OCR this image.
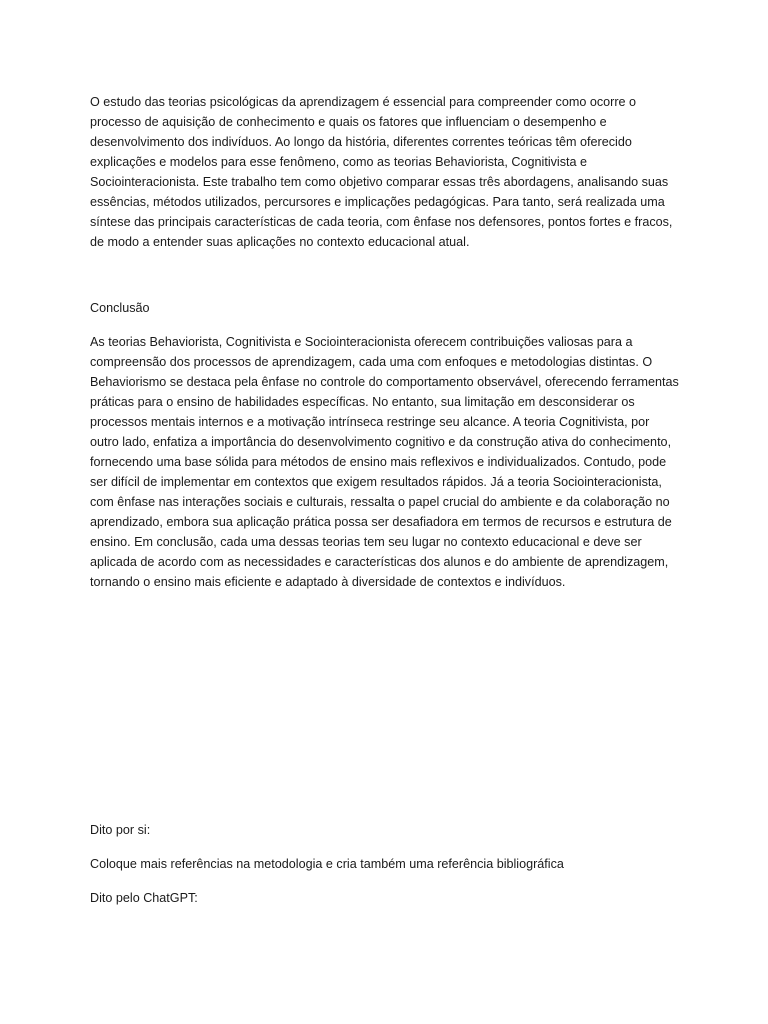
O estudo das teorias psicológicas da aprendizagem é essencial para compreender como ocorre o processo de aquisição de conhecimento e quais os fatores que influenciam o desempenho e desenvolvimento dos indivíduos. Ao longo da história, diferentes correntes teóricas têm oferecido explicações e modelos para esse fenômeno, como as teorias Behaviorista, Cognitivista e Sociointeracionista. Este trabalho tem como objetivo comparar essas três abordagens, analisando suas essências, métodos utilizados, percursores e implicações pedagógicas. Para tanto, será realizada uma síntese das principais características de cada teoria, com ênfase nos defensores, pontos fortes e fracos, de modo a entender suas aplicações no contexto educacional atual.

Conclusão

As teorias Behaviorista, Cognitivista e Sociointeracionista oferecem contribuições valiosas para a compreensão dos processos de aprendizagem, cada uma com enfoques e metodologias distintas. O Behaviorismo se destaca pela ênfase no controle do comportamento observável, oferecendo ferramentas práticas para o ensino de habilidades específicas. No entanto, sua limitação em desconsiderar os processos mentais internos e a motivação intrínseca restringe seu alcance. A teoria Cognitivista, por outro lado, enfatiza a importância do desenvolvimento cognitivo e da construção ativa do conhecimento, fornecendo uma base sólida para métodos de ensino mais reflexivos e individualizados. Contudo, pode ser difícil de implementar em contextos que exigem resultados rápidos. Já a teoria Sociointeracionista, com ênfase nas interações sociais e culturais, ressalta o papel crucial do ambiente e da colaboração no aprendizado, embora sua aplicação prática possa ser desafiadora em termos de recursos e estrutura de ensino. Em conclusão, cada uma dessas teorias tem seu lugar no contexto educacional e deve ser aplicada de acordo com as necessidades e características dos alunos e do ambiente de aprendizagem, tornando o ensino mais eficiente e adaptado à diversidade de contextos e indivíduos.

Dito por si:

Coloque mais referências na metodologia e cria também uma referência bibliográfica

Dito pelo ChatGPT:
